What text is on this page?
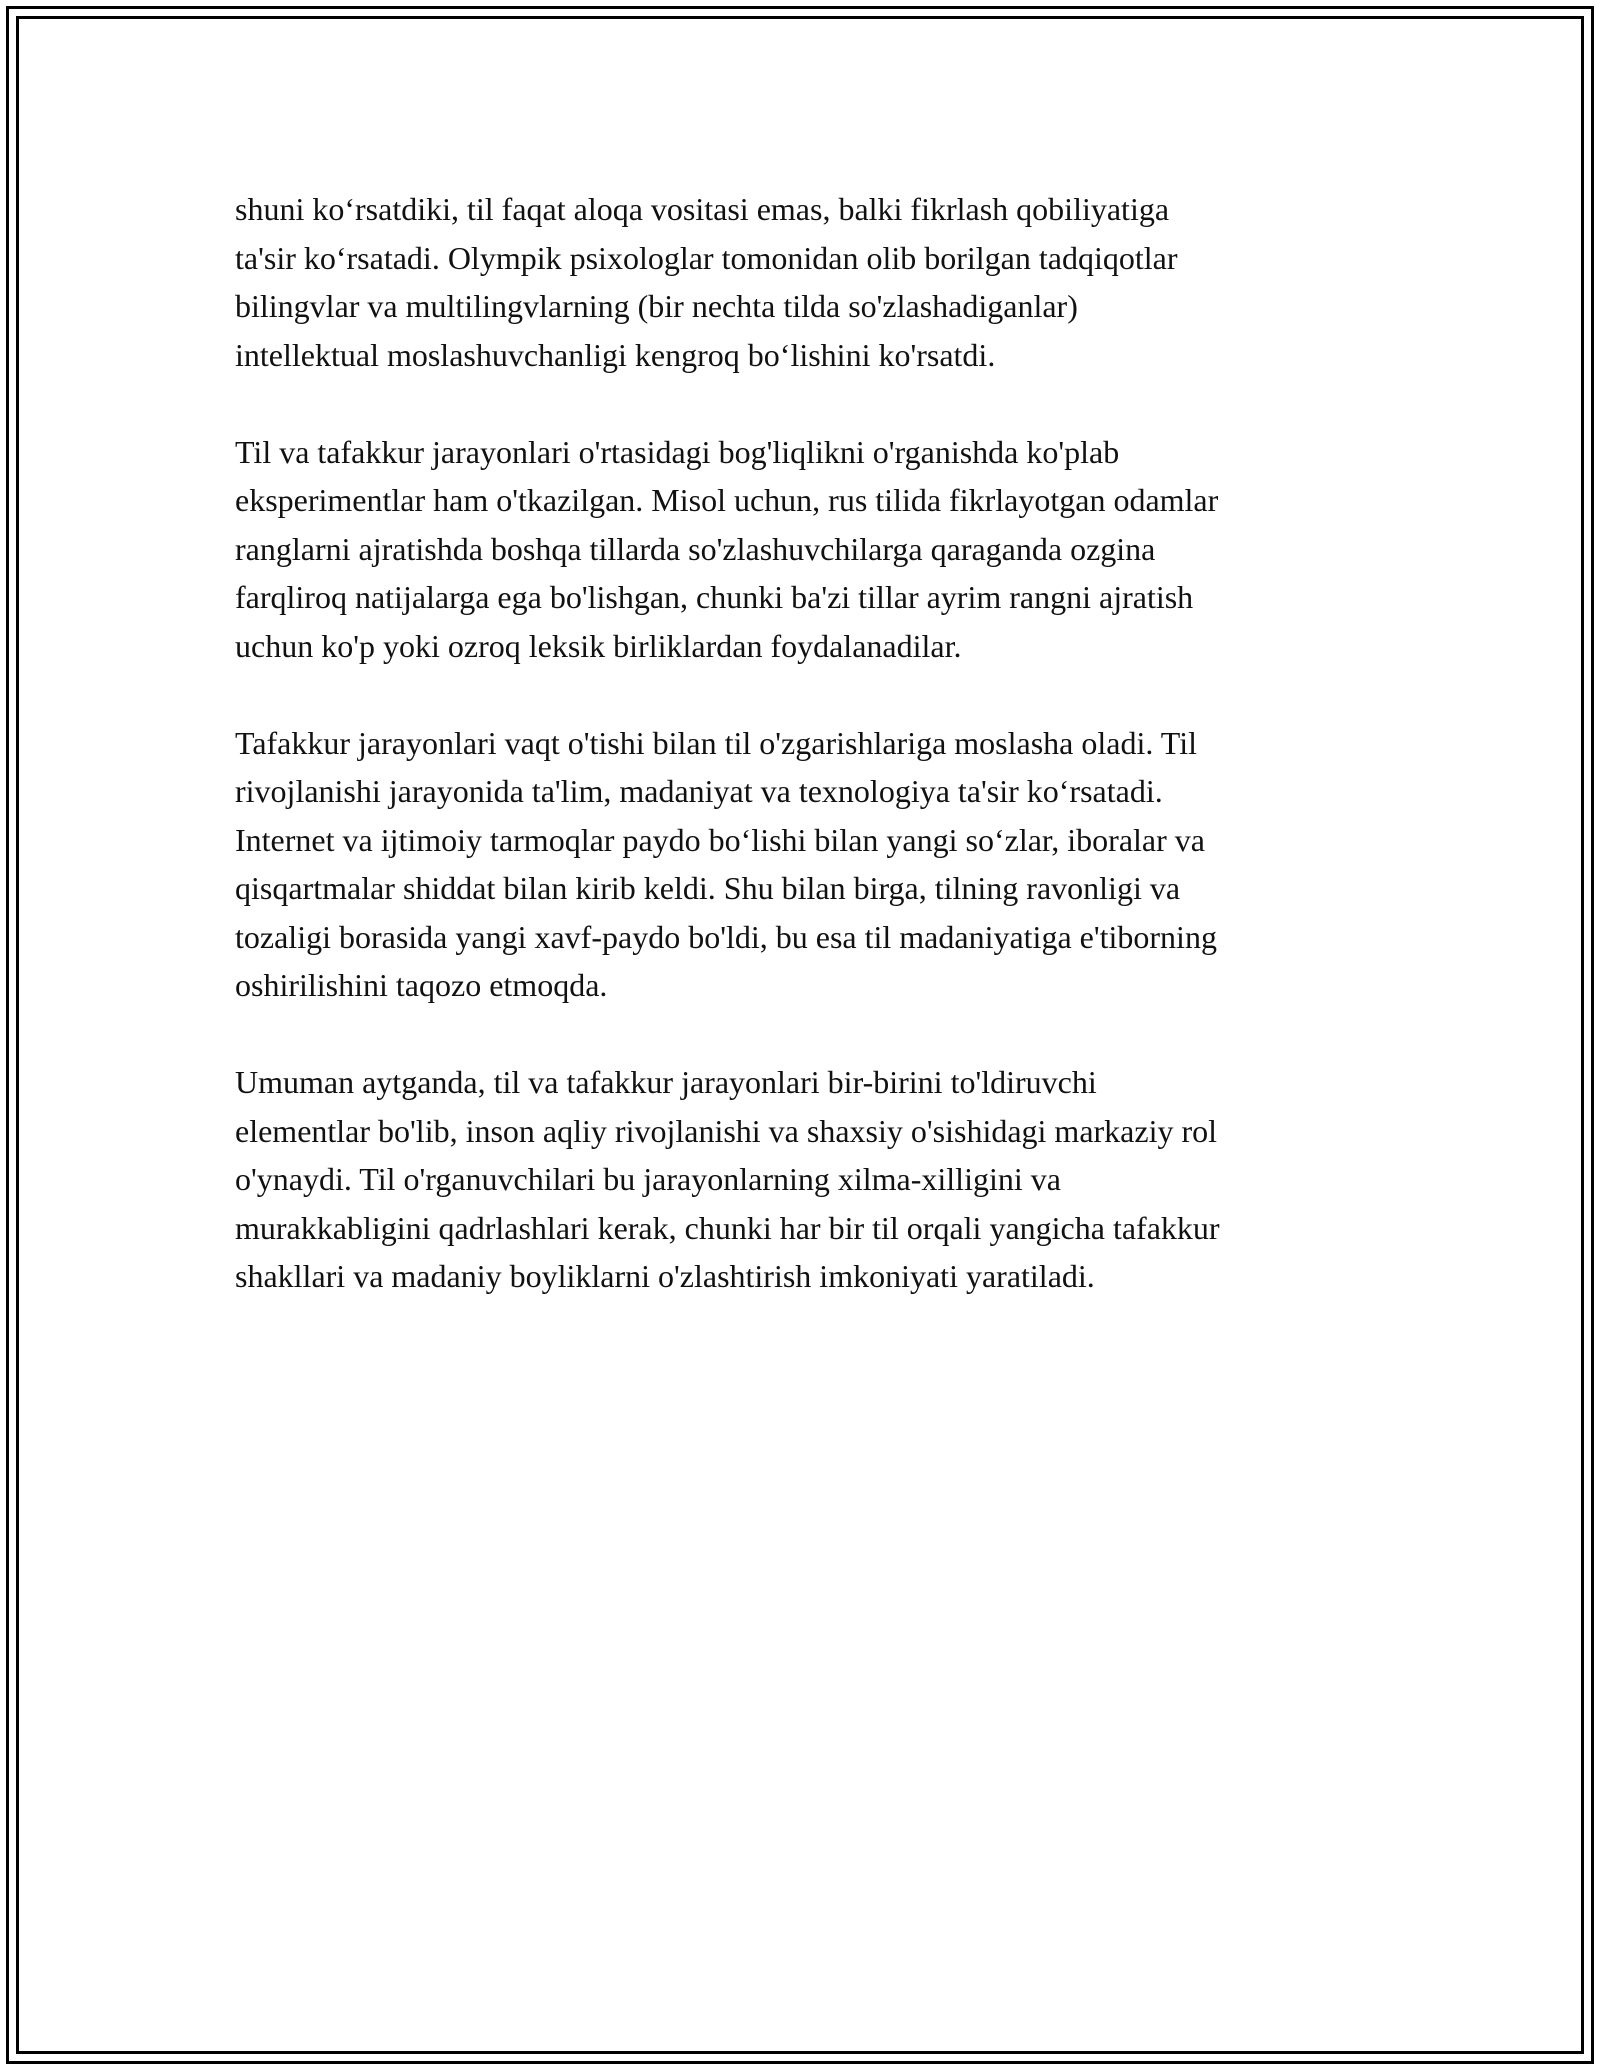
shuni koʻrsatdiki, til faqat aloqa vositasi emas, balki fikrlash qobiliyatiga
ta'sir koʻrsatadi. Olympik psixologlar tomonidan olib borilgan tadqiqotlar
bilingvlar va multilingvlarning (bir nechta tilda so'zlashadiganlar)
intellektual moslashuvchanligi kengroq boʻlishini ko'rsatdi.
Til va tafakkur jarayonlari o'rtasidagi bog'liqlikni o'rganishda ko'plab
eksperimentlar ham o'tkazilgan. Misol uchun, rus tilida fikrlayotgan odamlar
ranglarni ajratishda boshqa tillarda so'zlashuvchilarga qaraganda ozgina
farqliroq natijalarga ega bo'lishgan, chunki ba'zi tillar ayrim rangni ajratish
uchun ko'p yoki ozroq leksik birliklardan foydalanadilar.
Tafakkur jarayonlari vaqt o'tishi bilan til o'zgarishlariga moslasha oladi. Til
rivojlanishi jarayonida ta'lim, madaniyat va texnologiya ta'sir koʻrsatadi.
Internet va ijtimoiy tarmoqlar paydo boʻlishi bilan yangi soʻzlar, iboralar va
qisqartmalar shiddat bilan kirib keldi. Shu bilan birga, tilning ravonligi va
tozaligi borasida yangi xavf-paydo bo'ldi, bu esa til madaniyatiga e'tiborning
oshirilishini taqozo etmoqda.
Umuman aytganda, til va tafakkur jarayonlari bir-birini to'ldiruvchi
elementlar bo'lib, inson aqliy rivojlanishi va shaxsiy o'sishidagi markaziy rol
o'ynaydi. Til o'rganuvchilari bu jarayonlarning xilma-xilligini va
murakkabligini qadrlashlari kerak, chunki har bir til orqali yangicha tafakkur
shakllari va madaniy boyliklarni o'zlashtirish imkoniyati yaratiladi.
